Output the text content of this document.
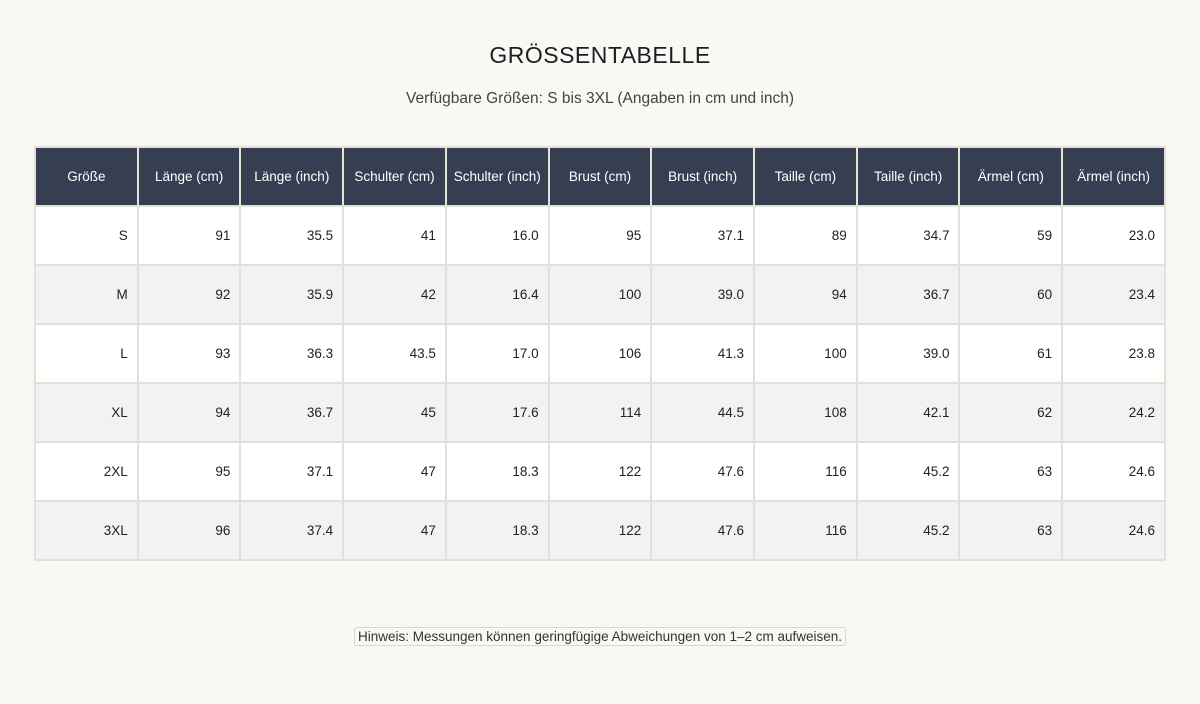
GRÖSSENTABELLE
Verfügbare Größen: S bis 3XL (Angaben in cm und inch)
Größe	Länge (cm)	Länge (inch)	Schulter (cm)	Schulter (inch)	Brust (cm)	Brust (inch)	Taille (cm)	Taille (inch)	Ärmel (cm)	Ärmel (inch)
S	91	35.5	41	16.0	95	37.1	89	34.7	59	23.0
M	92	35.9	42	16.4	100	39.0	94	36.7	60	23.4
L	93	36.3	43.5	17.0	106	41.3	100	39.0	61	23.8
XL	94	36.7	45	17.6	114	44.5	108	42.1	62	24.2
2XL	95	37.1	47	18.3	122	47.6	116	45.2	63	24.6
3XL	96	37.4	47	18.3	122	47.6	116	45.2	63	24.6
Hinweis: Messungen können geringfügige Abweichungen von 1–2 cm aufweisen.
